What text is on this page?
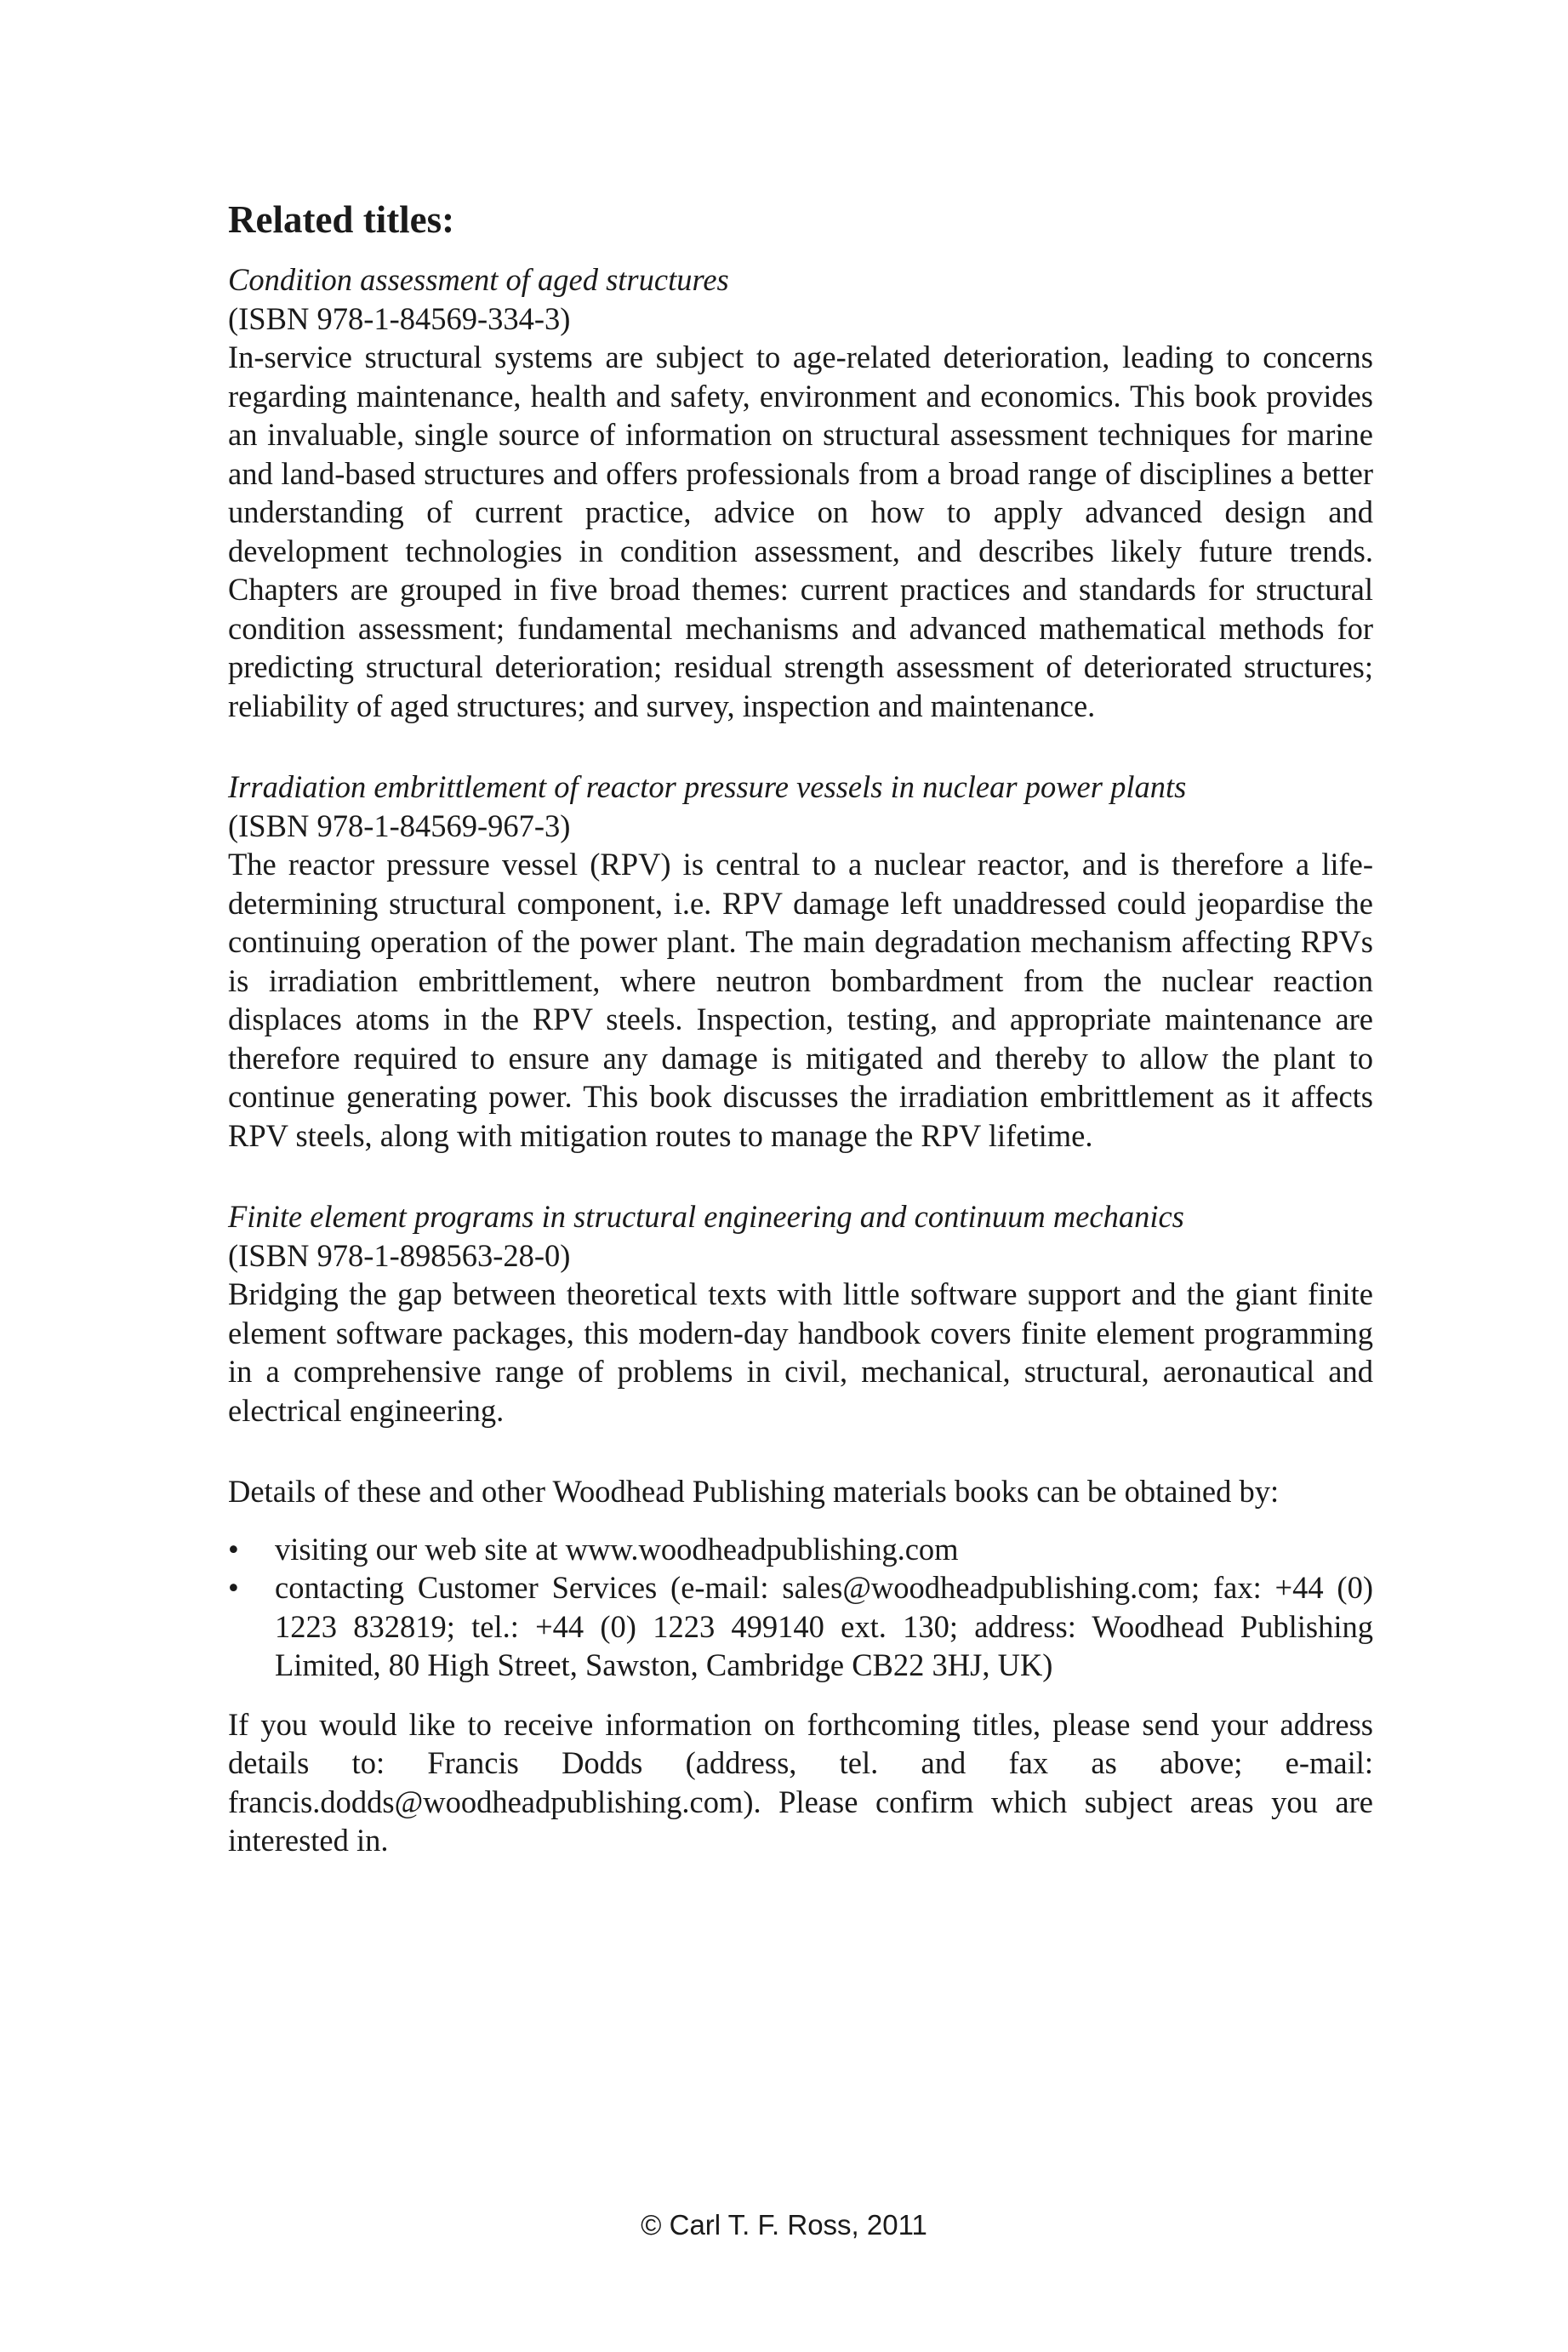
Related titles:
Condition assessment of aged structures
(ISBN 978-1-84569-334-3)

In-service structural systems are subject to age-related deterioration, leading to concerns regarding maintenance, health and safety, environment and economics. This book provides an invaluable, single source of information on structural assessment techniques for marine and land-based structures and offers professionals from a broad range of disciplines a better understanding of current practice, advice on how to apply advanced design and development technologies in condition assessment, and describes likely future trends. Chapters are grouped in five broad themes: current practices and standards for structural condition assessment; fundamental mechanisms and advanced mathematical methods for predicting structural deterioration; residual strength assessment of deteriorated structures; reliability of aged structures; and survey, inspection and maintenance.

Irradiation embrittlement of reactor pressure vessels in nuclear power plants
(ISBN 978-1-84569-967-3)

The reactor pressure vessel (RPV) is central to a nuclear reactor, and is therefore a life-determining structural component, i.e. RPV damage left unaddressed could jeopardise the continuing operation of the power plant. The main degradation mechanism affecting RPVs is irradiation embrittlement, where neutron bombardment from the nuclear reaction displaces atoms in the RPV steels. Inspection, testing, and appropriate maintenance are therefore required to ensure any damage is mitigated and thereby to allow the plant to continue generating power. This book discusses the irradiation embrittlement as it affects RPV steels, along with mitigation routes to manage the RPV lifetime.

Finite element programs in structural engineering and continuum mechanics
(ISBN 978-1-898563-28-0)

Bridging the gap between theoretical texts with little software support and the giant finite element software packages, this modern-day handbook covers finite element programming in a comprehensive range of problems in civil, mechanical, structural, aeronautical and electrical engineering.

Details of these and other Woodhead Publishing materials books can be obtained by:

•	visiting our web site at www.woodheadpublishing.com
•	contacting Customer Services (e-mail: sales@woodheadpublishing.com; fax: +44 (0) 1223 832819; tel.: +44 (0) 1223 499140 ext. 130; address: Woodhead Publishing Limited, 80 High Street, Sawston, Cambridge CB22 3HJ, UK)

If you would like to receive information on forthcoming titles, please send your address details to: Francis Dodds (address, tel. and fax as above; e-mail: francis.dodds@woodheadpublishing.com). Please confirm which subject areas you are interested in.

© Carl T. F. Ross, 2011
